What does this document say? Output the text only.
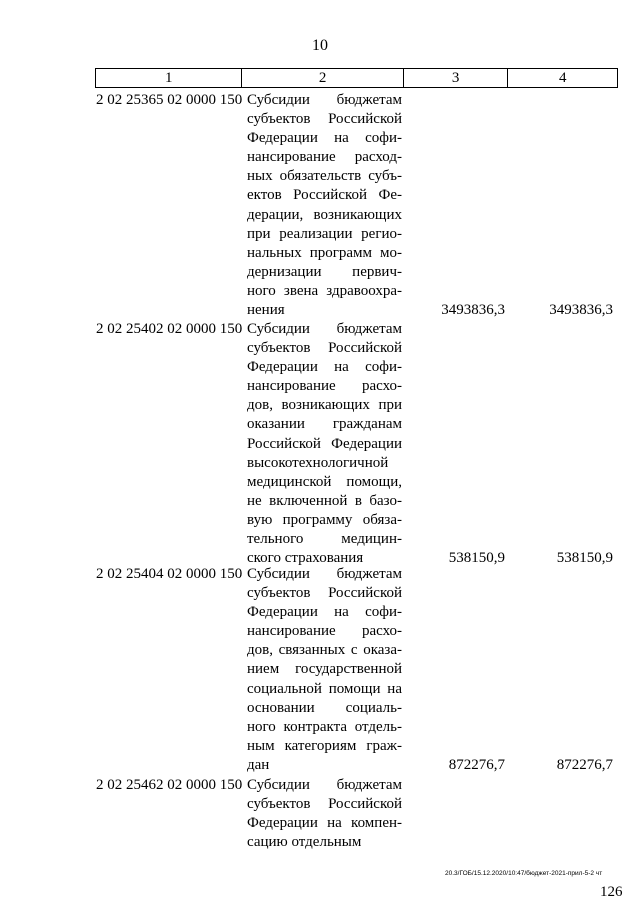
10
1	2	3	4
2 02 25365 02 0000 150 Субсидии бюджетам
субъектов Российской
Федерации на софи-
нансирование расход-
ных обязательств субъ-
ектов Российской Фе-
дерации, возникающих
при реализации регио-
нальных программ мо-
дернизации первич-
ного звена здравоохра-
нения	3493836,3	3493836,3
2 02 25402 02 0000 150 Субсидии бюджетам
субъектов Российской
Федерации на софи-
нансирование расхо-
дов, возникающих при
оказании гражданам
Российской Федерации
высокотехнологичной
медицинской помощи,
не включенной в базо-
вую программу обяза-
тельного медицин-
ского страхования	538150,9	538150,9
2 02 25404 02 0000 150 Субсидии бюджетам
субъектов Российской
Федерации на софи-
нансирование расхо-
дов, связанных с оказа-
нием государственной
социальной помощи на
основании социаль-
ного контракта отдель-
ным категориям граж-
дан	872276,7	872276,7
2 02 25462 02 0000 150 Субсидии бюджетам
субъектов Российской
Федерации на компен-
сацию отдельным
20.3/ГОБ/15.12.2020/10:47/бюджет-2021-прил-5-2 чт
126
